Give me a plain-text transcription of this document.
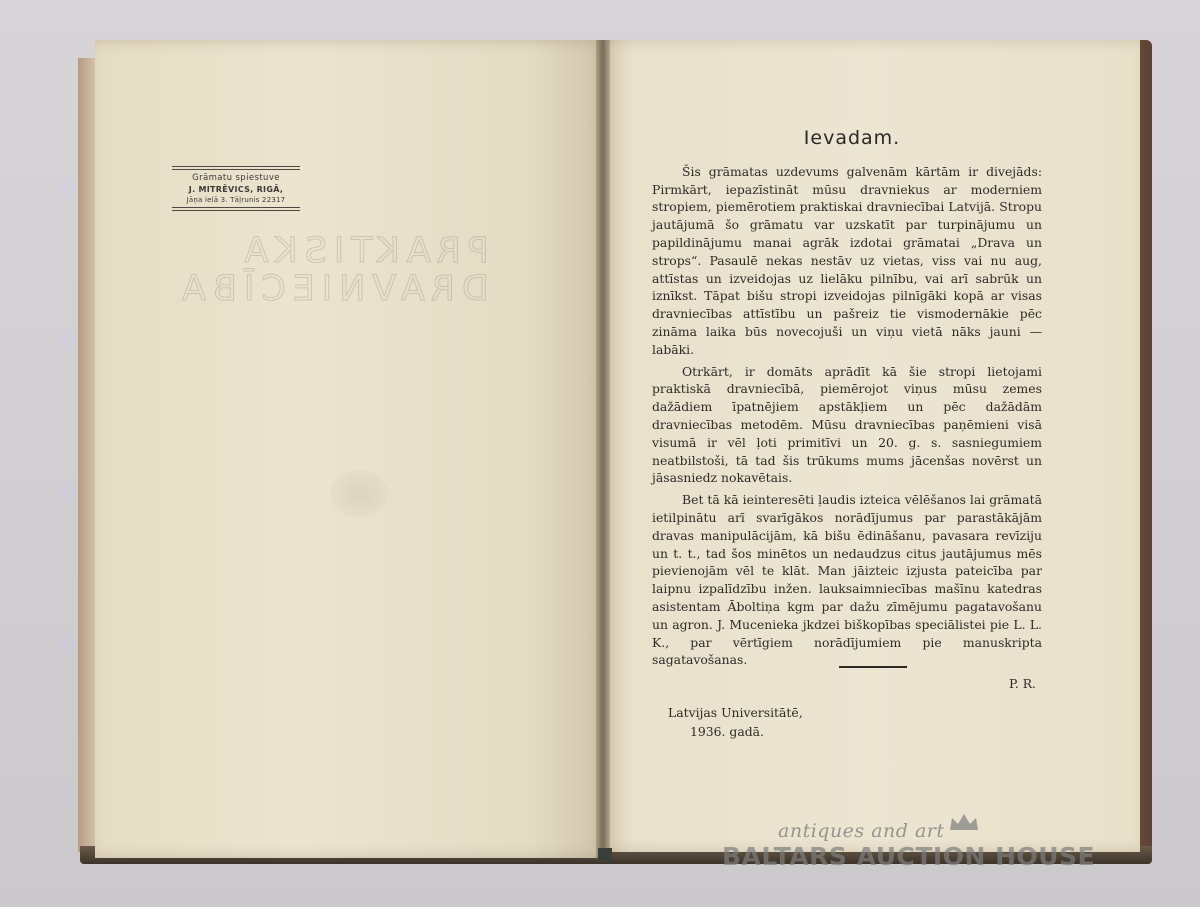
PRAKTISKA
DRAVNIECĪBA
Grāmatu spiestuve
J. MITRĒVICS, RIGĀ,
Jāņa ielā 3. Tāļrunis 22317
Ievadam.

Šis grāmatas uzdevums galvenām kārtām ir divejāds: Pirmkārt, iepazīstināt mūsu dravniekus ar moderniem stropiem, piemērotiem praktiskai dravniecībai Latvijā. Stropu jautājumā šo grāmatu var uzskatīt par turpinājumu un papildinājumu manai agrāk izdotai grāmatai „Drava un strops“. Pasaulē nekas nestāv uz vietas, viss vai nu aug, attīstas un izveidojas uz lielāku pilnību, vai arī sabrūk un iznīkst. Tāpat bišu stropi izveidojas pilnīgāki kopā ar visas dravniecības attīstību un pašreiz tie vismodernākie pēc zināma laika būs novecojuši un viņu vietā nāks jauni — labāki.

Otrkārt, ir domāts aprādīt kā šie stropi lietojami praktiskā dravniecībā, piemērojot viņus mūsu zemes dažādiem īpatnējiem apstākļiem un pēc dažādām dravniecības metodēm. Mūsu dravniecības paņēmieni visā visumā ir vēl ļoti primitīvi un 20. g. s. sasniegumiem neatbilstoši, tā tad šis trūkums mums jācenšas novērst un jāsasniedz nokavētais.

Bet tā kā ieinteresēti ļaudis izteica vēlēšanos lai grāmatā ietilpinātu arī svarīgākos norādījumus par parastākājām dravas manipulācijām, kā bišu ēdināšanu, pavasara revīziju un t. t., tad šos minētos un nedaudzus citus jautājumus mēs pievienojām vēl te klāt. Man jāizteic izjusta pateicība par laipnu izpalīdzību inžen. lauksaimniecības mašīnu katedras asistentam Āboltiņa kgm par dažu zīmējumu pagatavošanu un agron. J. Mucenieka jkdzei biškopības speciālistei pie L. L. K., par vērtīgiem norādījumiem pie manuskripta sagatavošanas.

P. R.
Latvijas Universitātē,
1936. gadā.
antiques and art
BALTARS AUCTION HOUSE
